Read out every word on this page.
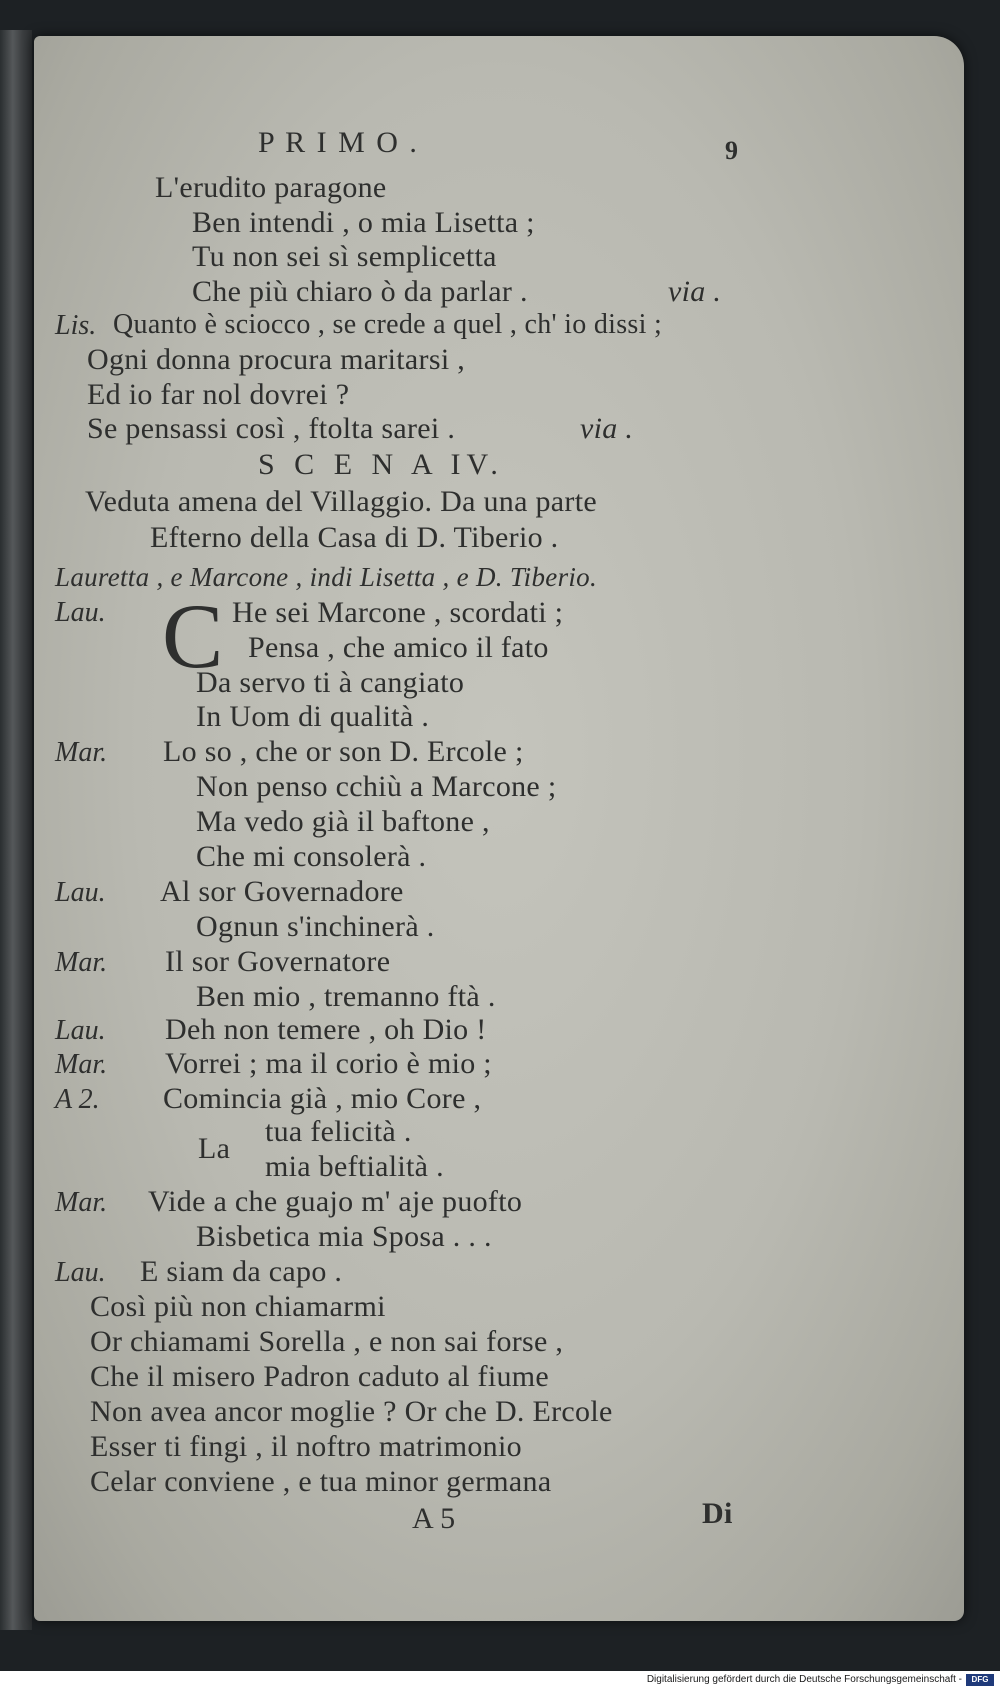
P R I M O .	9
L'erudito paragone
Ben intendi , o mia Lisetta ;
Tu non sei sì semplicetta
Che più chiaro ò da parlar .	via .
Lis. Quanto è sciocco , se crede a quel , ch' io dissi ;
Ogni donna procura maritarsi ,
Ed io far nol dovrei ?
Se pensassi così , ftolta sarei .	via .
S C E N A IV.
Veduta amena del Villaggio. Da una parte
Efterno della Casa di D. Tiberio .
Lauretta , e Marcone , indi Lisetta , e D. Tiberio.
Lau. C He sei Marcone , scordati ;
Pensa , che amico il fato
Da servo ti à cangiato
In Uom di qualità .
Mar. Lo so , che or son D. Ercole ;
Non penso cchiù a Marcone ;
Ma vedo già il baftone ,
Che mi consolerà .
Lau. Al sor Governadore
Ognun s'inchinerà .
Mar. Il sor Governatore
Ben mio , tremanno ftà .
Lau. Deh non temere , oh Dio !
Mar. Vorrei ; ma il corio è mio ;
A 2. Comincia già , mio Core ,
La
tua felicità .
mia beftialità .
Mar. Vide a che guajo m' aje puofto
Bisbetica mia Sposa . . .
Lau. E siam da capo .
Così più non chiamarmi
Or chiamami Sorella , e non sai forse ,
Che il misero Padron caduto al fiume
Non avea ancor moglie ? Or che D. Ercole
Esser ti fingi , il noftro matrimonio
Celar conviene , e tua minor germana
A 5	Di
Digitalisierung gefördert durch die Deutsche Forschungsgemeinschaft -	DFG
